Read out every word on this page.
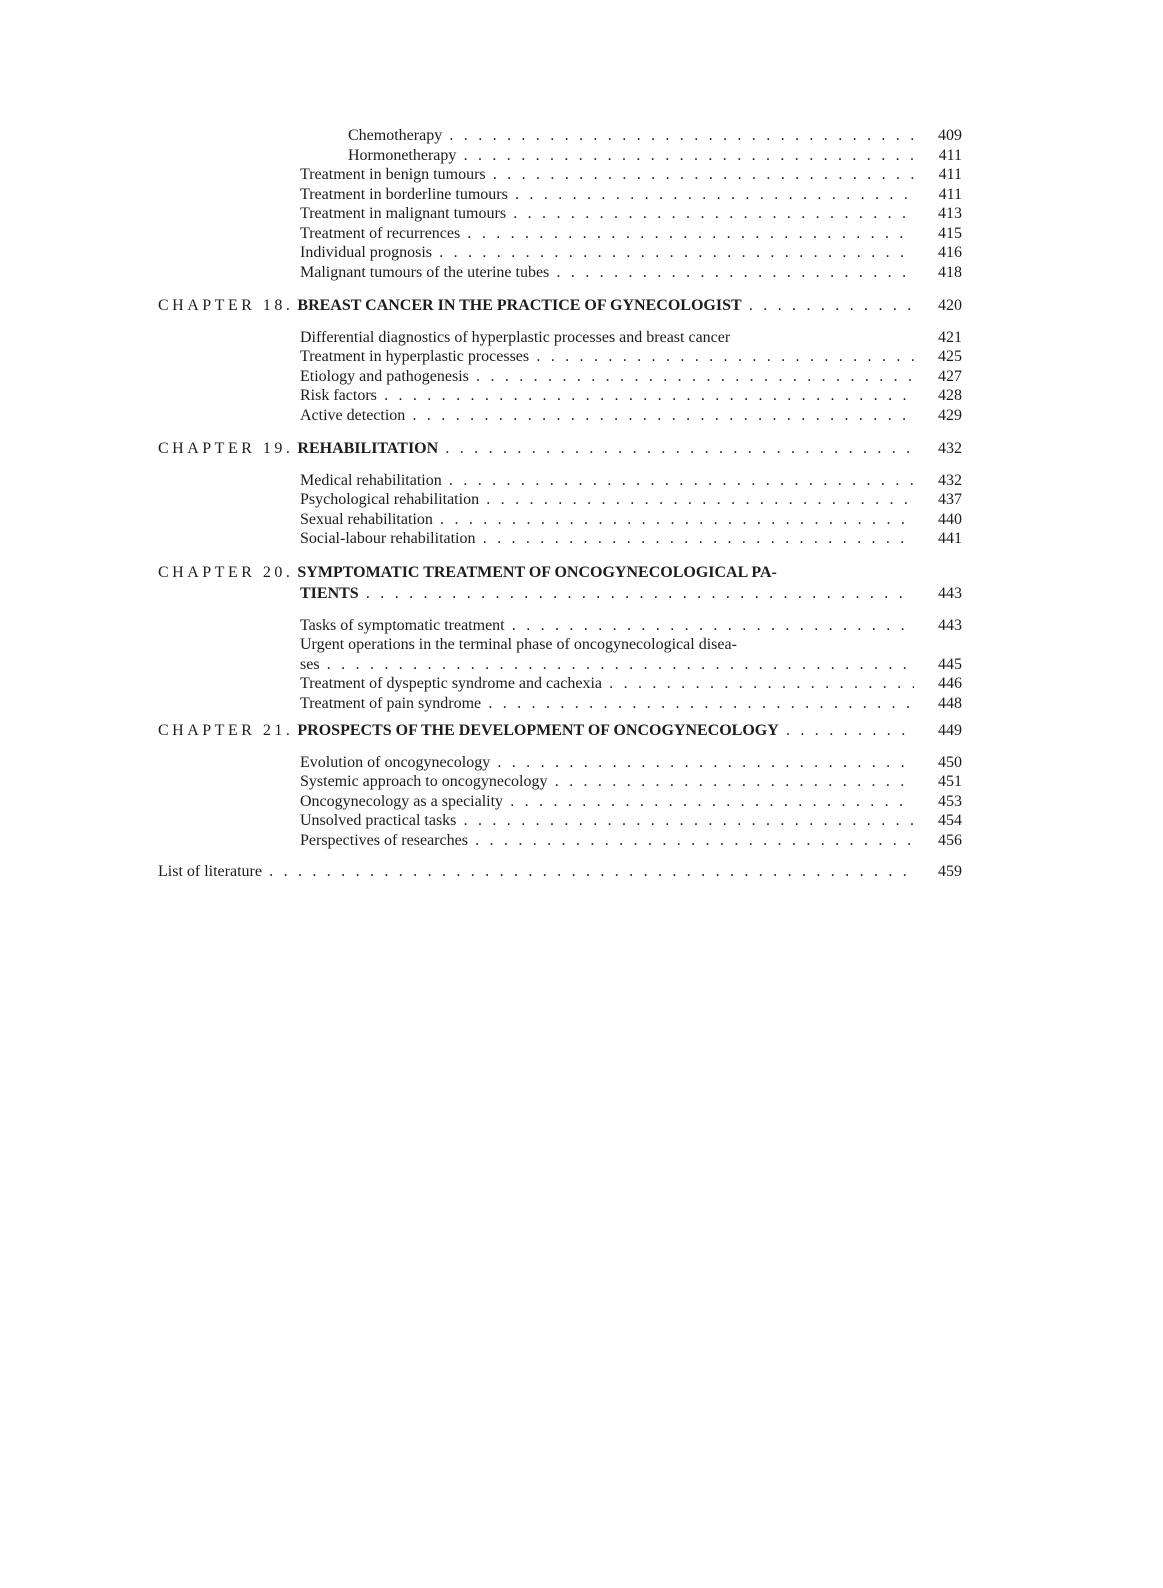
Chemotherapy . . .	409
Hormonetherapy . . .	411
Treatment in benign tumours . . .	411
Treatment in borderline tumours . . .	411
Treatment in malignant tumours . . .	413
Treatment of recurrences . . .	415
Individual prognosis . . .	416
Malignant tumours of the uterine tubes . . .	418
CHAPTER 18. BREAST CANCER IN THE PRACTICE OF GYNECOLOGIST . . .	420
Differential diagnostics of hyperplastic processes and breast cancer	421
Treatment in hyperplastic processes . . .	425
Etiology and pathogenesis . . .	427
Risk factors . . .	428
Active detection . . .	429
CHAPTER 19. REHABILITATION . . .	432
Medical rehabilitation . . .	432
Psychological rehabilitation . . .	437
Sexual rehabilitation . . .	440
Social-labour rehabilitation . . .	441
CHAPTER 20. SYMPTOMATIC TREATMENT OF ONCOGYNECOLOGICAL PA-
TIENTS . . .	443
Tasks of symptomatic treatment . . .	443
Urgent operations in the terminal phase of oncogynecological disea-
ses . . .	445
Treatment of dyspeptic syndrome and cachexia . . .	446
Treatment of pain syndrome . . .	448
CHAPTER 21. PROSPECTS OF THE DEVELOPMENT OF ONCOGYNECOLOGY . . .	449
Evolution of oncogynecology . . .	450
Systemic approach to oncogynecology . . .	451
Oncogynecology as a speciality . . .	453
Unsolved practical tasks . . .	454
Perspectives of researches . . .	456
List of literature . . .	459
